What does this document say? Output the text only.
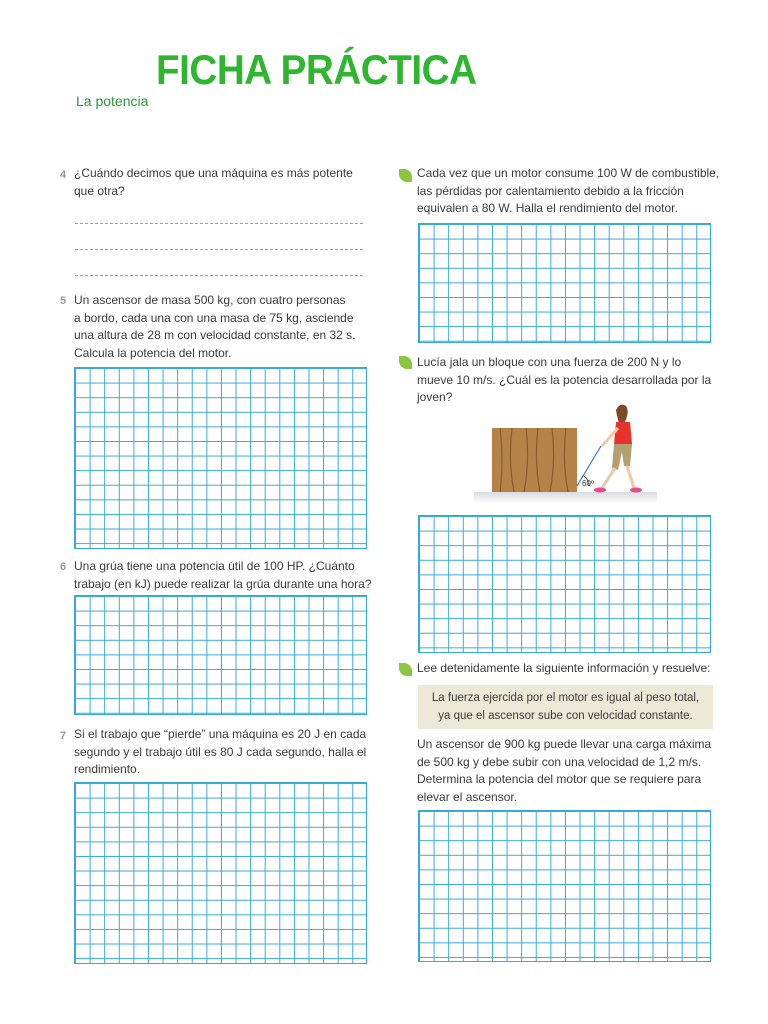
FICHA PRÁCTICA
La potencia
4 ¿Cuándo decimos que una máquina es más potente
que otra?
5 Un ascensor de masa 500 kg, con cuatro personas
a bordo, cada una con una masa de 75 kg, asciende
una altura de 28 m con velocidad constante, en 32 s.
Calcula la potencia del motor.
6 Una grúa tiene una potencia útil de 100 HP. ¿Cuánto
trabajo (en kJ) puede realizar la grúa durante una hora?
7 Si el trabajo que “pierde” una máquina es 20 J en cada
segundo y el trabajo útil es 80 J cada segundo, halla el
rendimiento.
Cada vez que un motor consume 100 W de combustible,
las pérdidas por calentamiento debido a la fricción
equivalen a 80 W. Halla el rendimiento del motor.
Lucía jala un bloque con una fuerza de 200 N y lo
mueve 10 m/s. ¿Cuál es la potencia desarrollada por la
joven?
60º
Lee detenidamente la siguiente información y resuelve:
La fuerza ejercida por el motor es igual al peso total,
ya que el ascensor sube con velocidad constante.
Un ascensor de 900 kg puede llevar una carga máxima
de 500 kg y debe subir con una velocidad de 1,2 m/s.
Determina la potencia del motor que se requiere para
elevar el ascensor.
